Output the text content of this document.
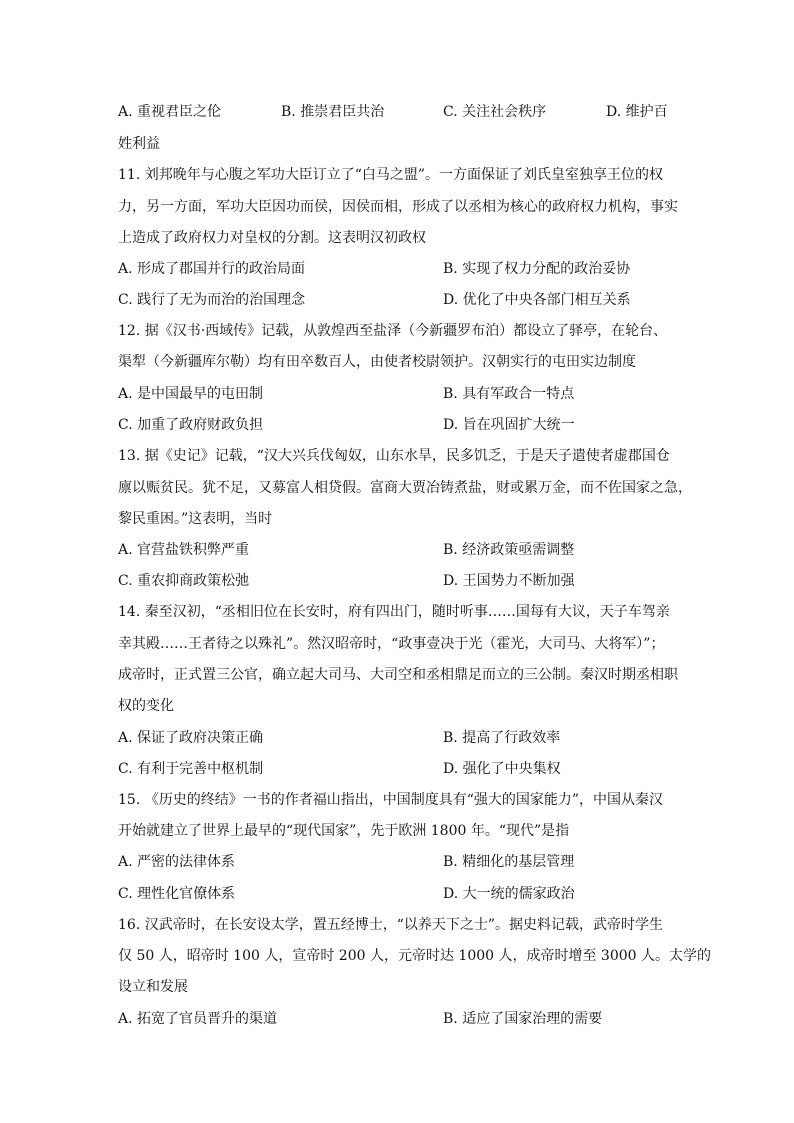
A. 重视君臣之伦	B. 推崇君臣共治	C. 关注社会秩序	D. 维护百
姓利益
11. 刘邦晚年与心腹之军功大臣订立了“白马之盟”。一方面保证了刘氏皇室独享王位的权
力，另一方面，军功大臣因功而侯，因侯而相，形成了以丞相为核心的政府权力机构，事实
上造成了政府权力对皇权的分割。这表明汉初政权
A. 形成了郡国并行的政治局面	B. 实现了权力分配的政治妥协
C. 践行了无为而治的治国理念	D. 优化了中央各部门相互关系
12. 据《汉书·西域传》记载，从敦煌西至盐泽（今新疆罗布泊）都设立了驿亭，在轮台、
渠犁（今新疆库尔勒）均有田卒数百人，由使者校尉领护。汉朝实行的屯田实边制度
A. 是中国最早的屯田制	B. 具有军政合一特点
C. 加重了政府财政负担	D. 旨在巩固扩大统一
13. 据《史记》记载，“汉大兴兵伐匈奴，山东水旱，民多饥乏，于是天子遣使者虚郡国仓
廪以赈贫民。犹不足，又募富人相贷假。富商大贾冶铸煮盐，财或累万金，而不佐国家之急，
黎民重困。”这表明，当时
A. 官营盐铁积弊严重	B. 经济政策亟需调整
C. 重农抑商政策松弛	D. 王国势力不断加强
14. 秦至汉初，“丞相旧位在长安时，府有四出门，随时听事……国每有大议，天子车驾亲
幸其殿……王者待之以殊礼”。然汉昭帝时，“政事壹决于光（霍光，大司马、大将军）”；
成帝时，正式置三公官，确立起大司马、大司空和丞相鼎足而立的三公制。秦汉时期丞相职
权的变化
A. 保证了政府决策正确	B. 提高了行政效率
C. 有利于完善中枢机制	D. 强化了中央集权
15. 《历史的终结》一书的作者福山指出，中国制度具有“强大的国家能力”，中国从秦汉
开始就建立了世界上最早的“现代国家”，先于欧洲 1800 年。“现代”是指
A. 严密的法律体系	B. 精细化的基层管理
C. 理性化官僚体系	D. 大一统的儒家政治
16. 汉武帝时，在长安设太学，置五经博士，“以养天下之士”。据史料记载，武帝时学生
仅 50 人，昭帝时 100 人，宣帝时 200 人，元帝时达 1000 人，成帝时增至 3000 人。太学的
设立和发展
A. 拓宽了官员晋升的渠道	B. 适应了国家治理的需要
